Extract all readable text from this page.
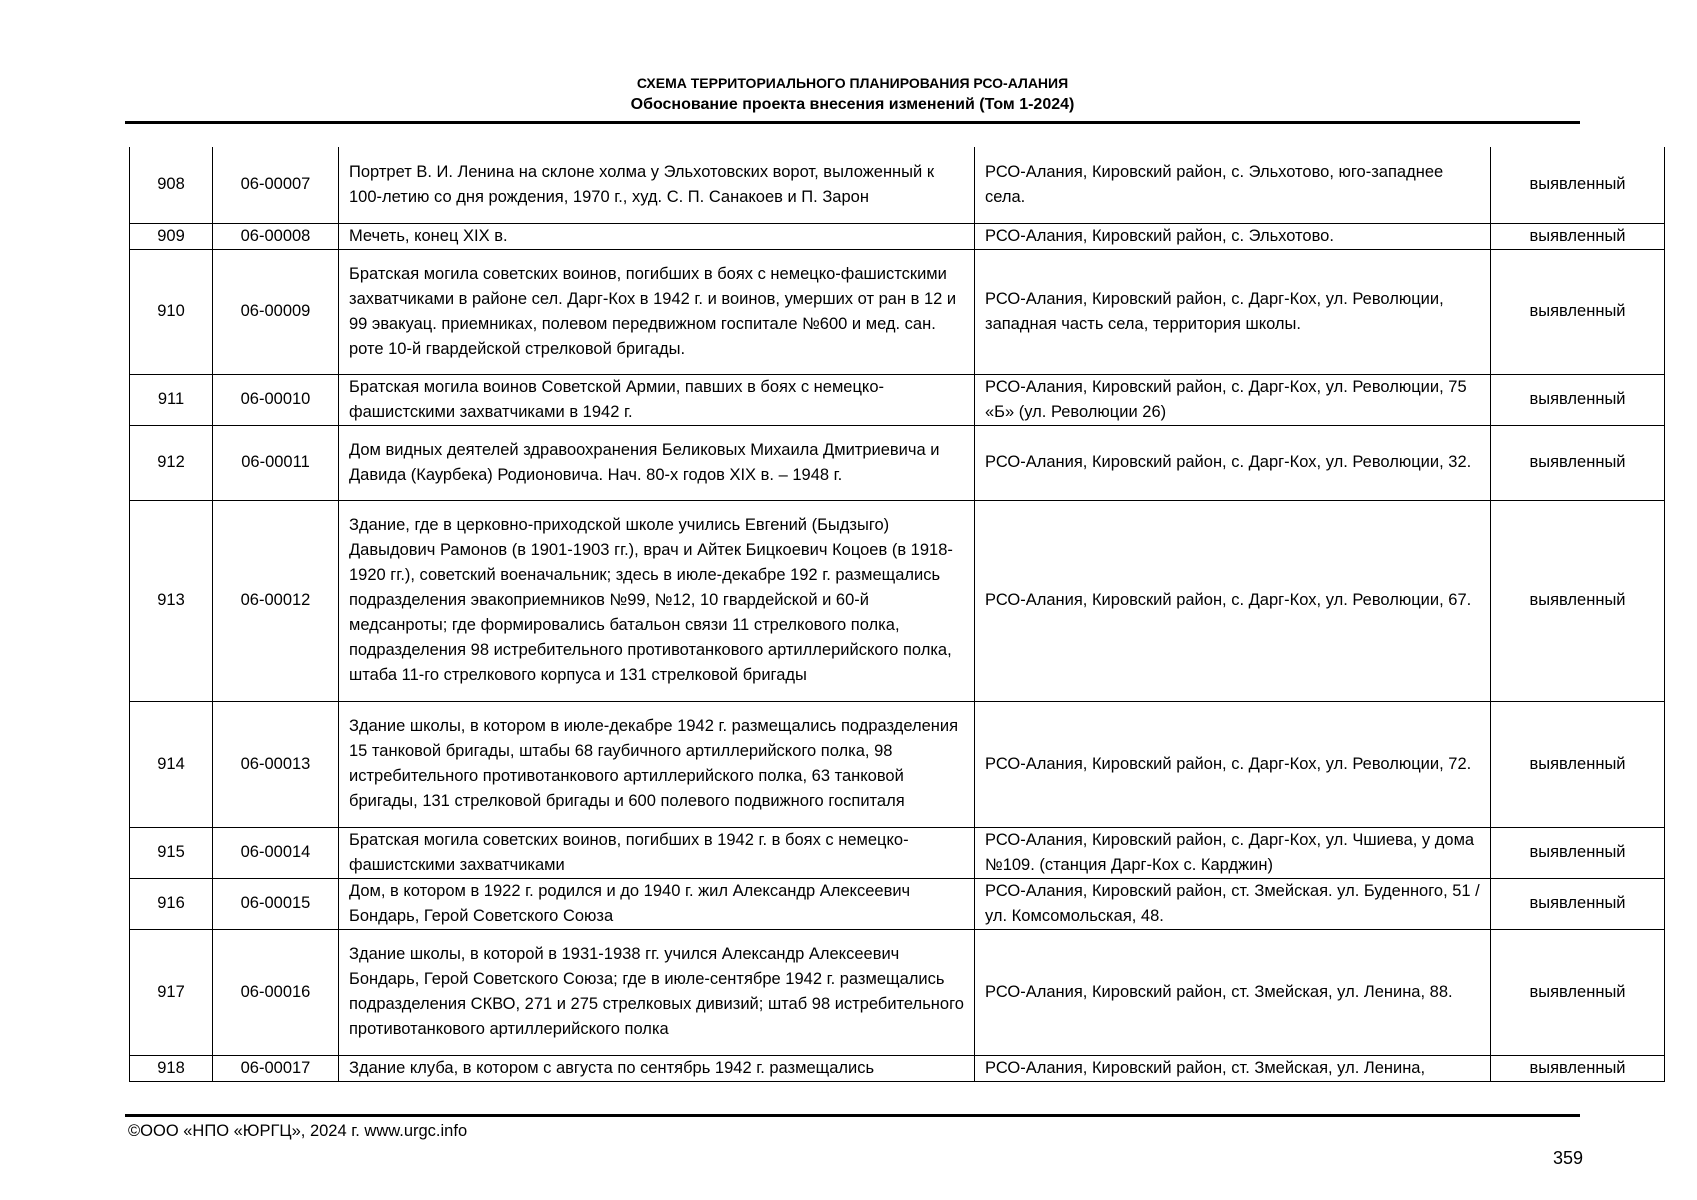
СХЕМА ТЕРРИТОРИАЛЬНОГО ПЛАНИРОВАНИЯ РСО-АЛАНИЯ
Обоснование проекта внесения изменений (Том 1-2024)
908	06-00007	Портрет В. И. Ленина на склоне холма у Эльхотовских ворот, выложенный к 100-летию со дня рождения, 1970 г., худ. С. П. Санакоев и П. Зарон	РСО-Алания, Кировский район, с. Эльхотово, юго-западнее села.	выявленный
909	06-00008	Мечеть, конец XIX в.	РСО-Алания, Кировский район, с. Эльхотово.	выявленный
910	06-00009	Братская могила советских воинов, погибших в боях с немецко-фашистскими захватчиками в районе сел. Дарг-Кох в 1942 г. и воинов, умерших от ран в 12 и 99 эвакуац. приемниках, полевом передвижном госпитале №600 и мед. сан. роте 10-й гвардейской стрелковой бригады.	РСО-Алания, Кировский район, с. Дарг-Кох, ул. Революции, западная часть села, территория школы.	выявленный
911	06-00010	Братская могила воинов Советской Армии, павших в боях с немецко-фашистскими захватчиками в 1942 г.	РСО-Алания, Кировский район, с. Дарг-Кох, ул. Революции, 75 «Б» (ул. Революции 26)	выявленный
912	06-00011	Дом видных деятелей здравоохранения Беликовых Михаила Дмитриевича и Давида (Каурбека) Родионовича. Нач. 80-х годов XIX в. – 1948 г.	РСО-Алания, Кировский район, с. Дарг-Кох, ул. Революции, 32.	выявленный
913	06-00012	Здание, где в церковно-приходской школе учились Евгений (Быдзыго) Давыдович Рамонов (в 1901-1903 гг.), врач и Айтек Бицкоевич Коцоев (в 1918-1920 гг.), советский военачальник; здесь в июле-декабре 192 г. размещались подразделения эвакоприемников №99, №12, 10 гвардейской и 60-й медсанроты; где формировались батальон связи 11 стрелкового полка, подразделения 98 истребительного противотанкового артиллерийского полка, штаба 11-го стрелкового корпуса и 131 стрелковой бригады	РСО-Алания, Кировский район, с. Дарг-Кох, ул. Революции, 67.	выявленный
914	06-00013	Здание школы, в котором в июле-декабре 1942 г. размещались подразделения 15 танковой бригады, штабы 68 гаубичного артиллерийского полка, 98 истребительного противотанкового артиллерийского полка, 63 танковой бригады, 131 стрелковой бригады и 600 полевого подвижного госпиталя	РСО-Алания, Кировский район, с. Дарг-Кох, ул. Революции, 72.	выявленный
915	06-00014	Братская могила советских воинов, погибших в 1942 г. в боях с немецко-фашистскими захватчиками	РСО-Алания, Кировский район, с. Дарг-Кох, ул. Чшиева, у дома №109. (станция Дарг-Кох с. Карджин)	выявленный
916	06-00015	Дом, в котором в 1922 г. родился и до 1940 г. жил Александр Алексеевич Бондарь, Герой Советского Союза	РСО-Алания, Кировский район, ст. Змейская. ул. Буденного, 51 / ул. Комсомольская, 48.	выявленный
917	06-00016	Здание школы, в которой в 1931-1938 гг. учился Александр Алексеевич Бондарь, Герой Советского Союза; где в июле-сентябре 1942 г. размещались подразделения СКВО, 271 и 275 стрелковых дивизий; штаб 98 истребительного противотанкового артиллерийского полка	РСО-Алания, Кировский район, ст. Змейская, ул. Ленина, 88.	выявленный
918	06-00017	Здание клуба, в котором с августа по сентябрь 1942 г. размещались	РСО-Алания, Кировский район, ст. Змейская, ул. Ленина,	выявленный
©ООО «НПО «ЮРГЦ», 2024 г. www.urgc.info
359
